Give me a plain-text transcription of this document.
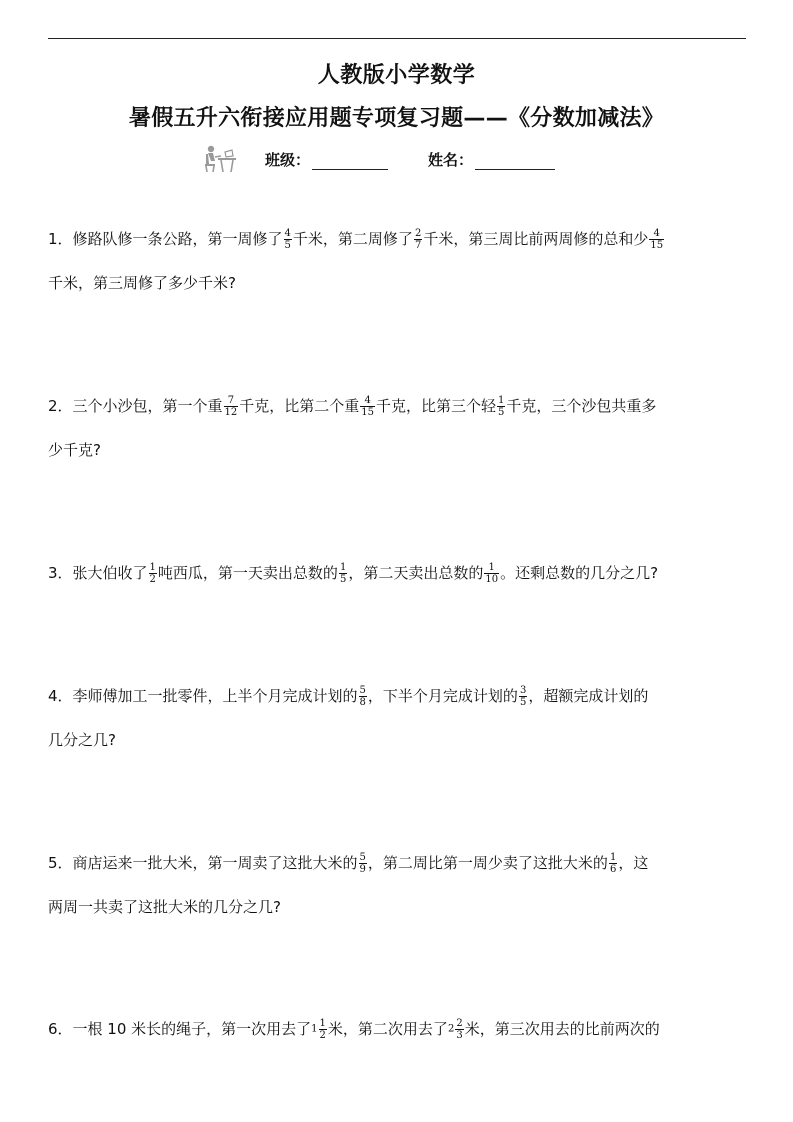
人教版小学数学
暑假五升六衔接应用题专项复习题——《分数加减法》
班级：	姓名：
1．修路队修一条公路，第一周修了 $\frac{4}{5}$ 千米，第二周修了 $\frac{2}{7}$ 千米，第三周比前两周修的总和少 $\frac{4}{15}$
千米，第三周修了多少千米?
2．三个小沙包，第一个重 $\frac{7}{12}$ 千克，比第二个重 $\frac{4}{15}$ 千克，比第三个轻 $\frac{1}{5}$ 千克，三个沙包共重多
少千克?
3．张大伯收了 $\frac{1}{2}$ 吨西瓜，第一天卖出总数的 $\frac{1}{5}$ ，第二天卖出总数的 $\frac{1}{10}$ 。还剩总数的几分之几?
4．李师傅加工一批零件，上半个月完成计划的 $\frac{5}{8}$ ，下半个月完成计划的 $\frac{3}{5}$ ，超额完成计划的
几分之几?
5．商店运来一批大米，第一周卖了这批大米的 $\frac{5}{9}$ ，第二周比第一周少卖了这批大米的 $\frac{1}{6}$ ，这
两周一共卖了这批大米的几分之几?
6．一根 10 米长的绳子，第一次用去了$1 \frac{1}{2}$ 米，第二次用去了$2 \frac{2}{3}$ 米，第三次用去的比前两次的
